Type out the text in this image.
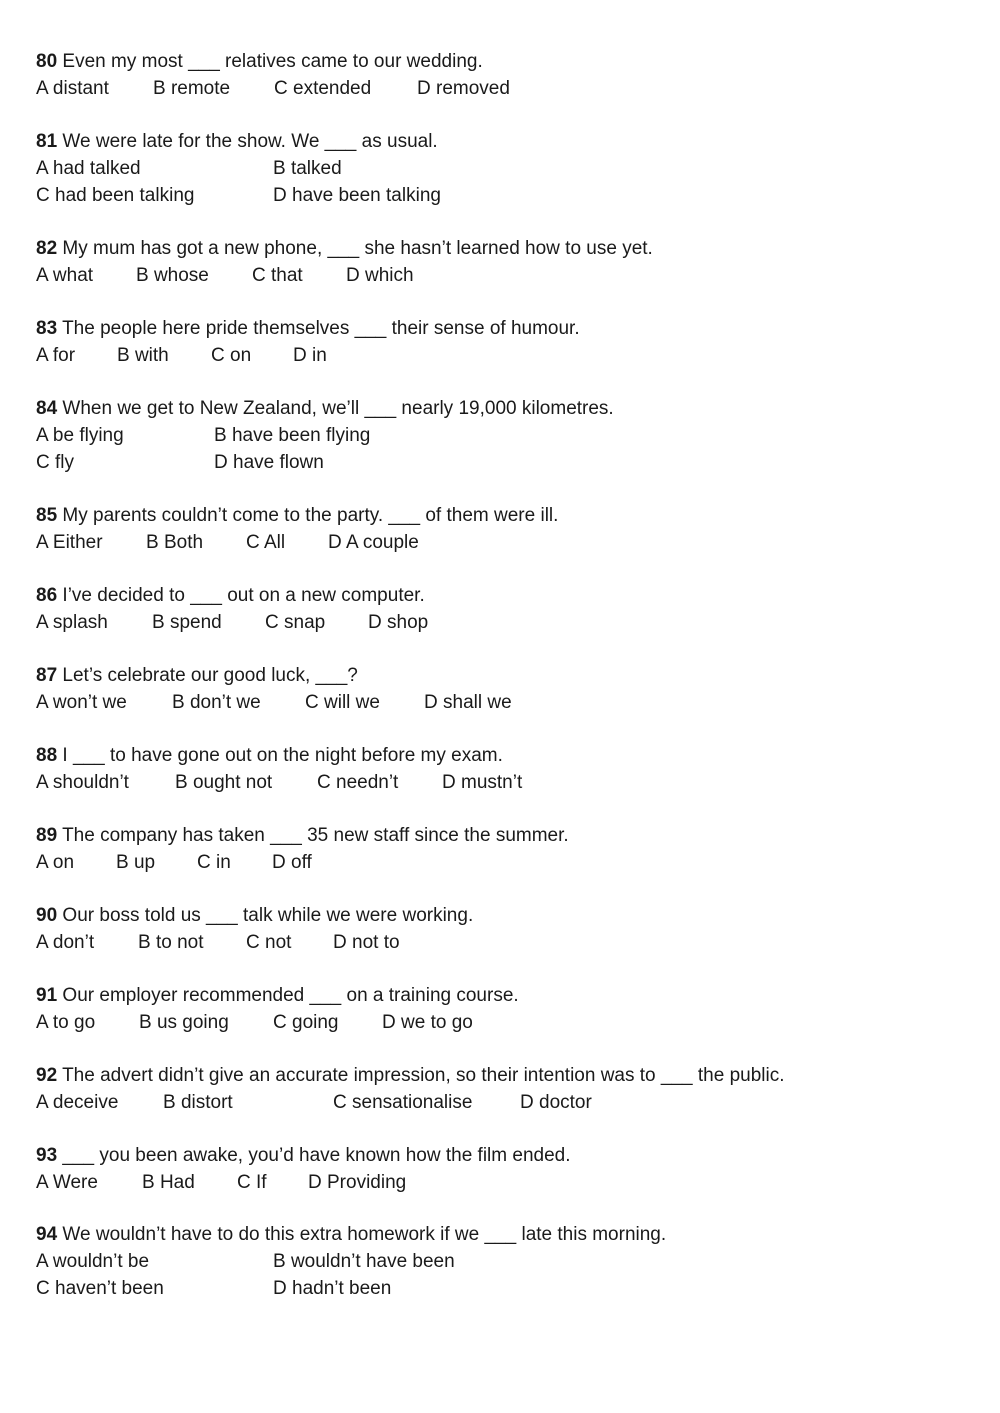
80 Even my most ___ relatives came to our wedding.
A distant B remote C extended D removed
81 We were late for the show. We ___ as usual.
A had talked	B talked
C had been talking	D have been talking
82 My mum has got a new phone, ___ she hasn’t learned how to use yet.
A what B whose C that D which
83 The people here pride themselves ___ their sense of humour.
A for B with C on D in
84 When we get to New Zealand, we’ll ___ nearly 19,000 kilometres.
A be flying	B have been flying
C fly	D have flown
85 My parents couldn’t come to the party. ___ of them were ill.
A Either B Both C All D A couple
86 I’ve decided to ___ out on a new computer.
A splash B spend C snap D shop
87 Let’s celebrate our good luck, ___?
A won’t we B don’t we C will we D shall we
88 I ___ to have gone out on the night before my exam.
A shouldn’t B ought not C needn’t D mustn’t
89 The company has taken ___ 35 new staff since the summer.
A on B up C in D off
90 Our boss told us ___ talk while we were working.
A don’t B to not C not D not to
91 Our employer recommended ___ on a training course.
A to go B us going C going D we to go
92 The advert didn’t give an accurate impression, so their intention was to ___ the public.
A deceive B distort	C sensationalise	D doctor
93 ___ you been awake, you’d have known how the film ended.
A Were B Had C If D Providing
94 We wouldn’t have to do this extra homework if we ___ late this morning.
A wouldn’t be	B wouldn’t have been
C haven’t been	D hadn’t been
